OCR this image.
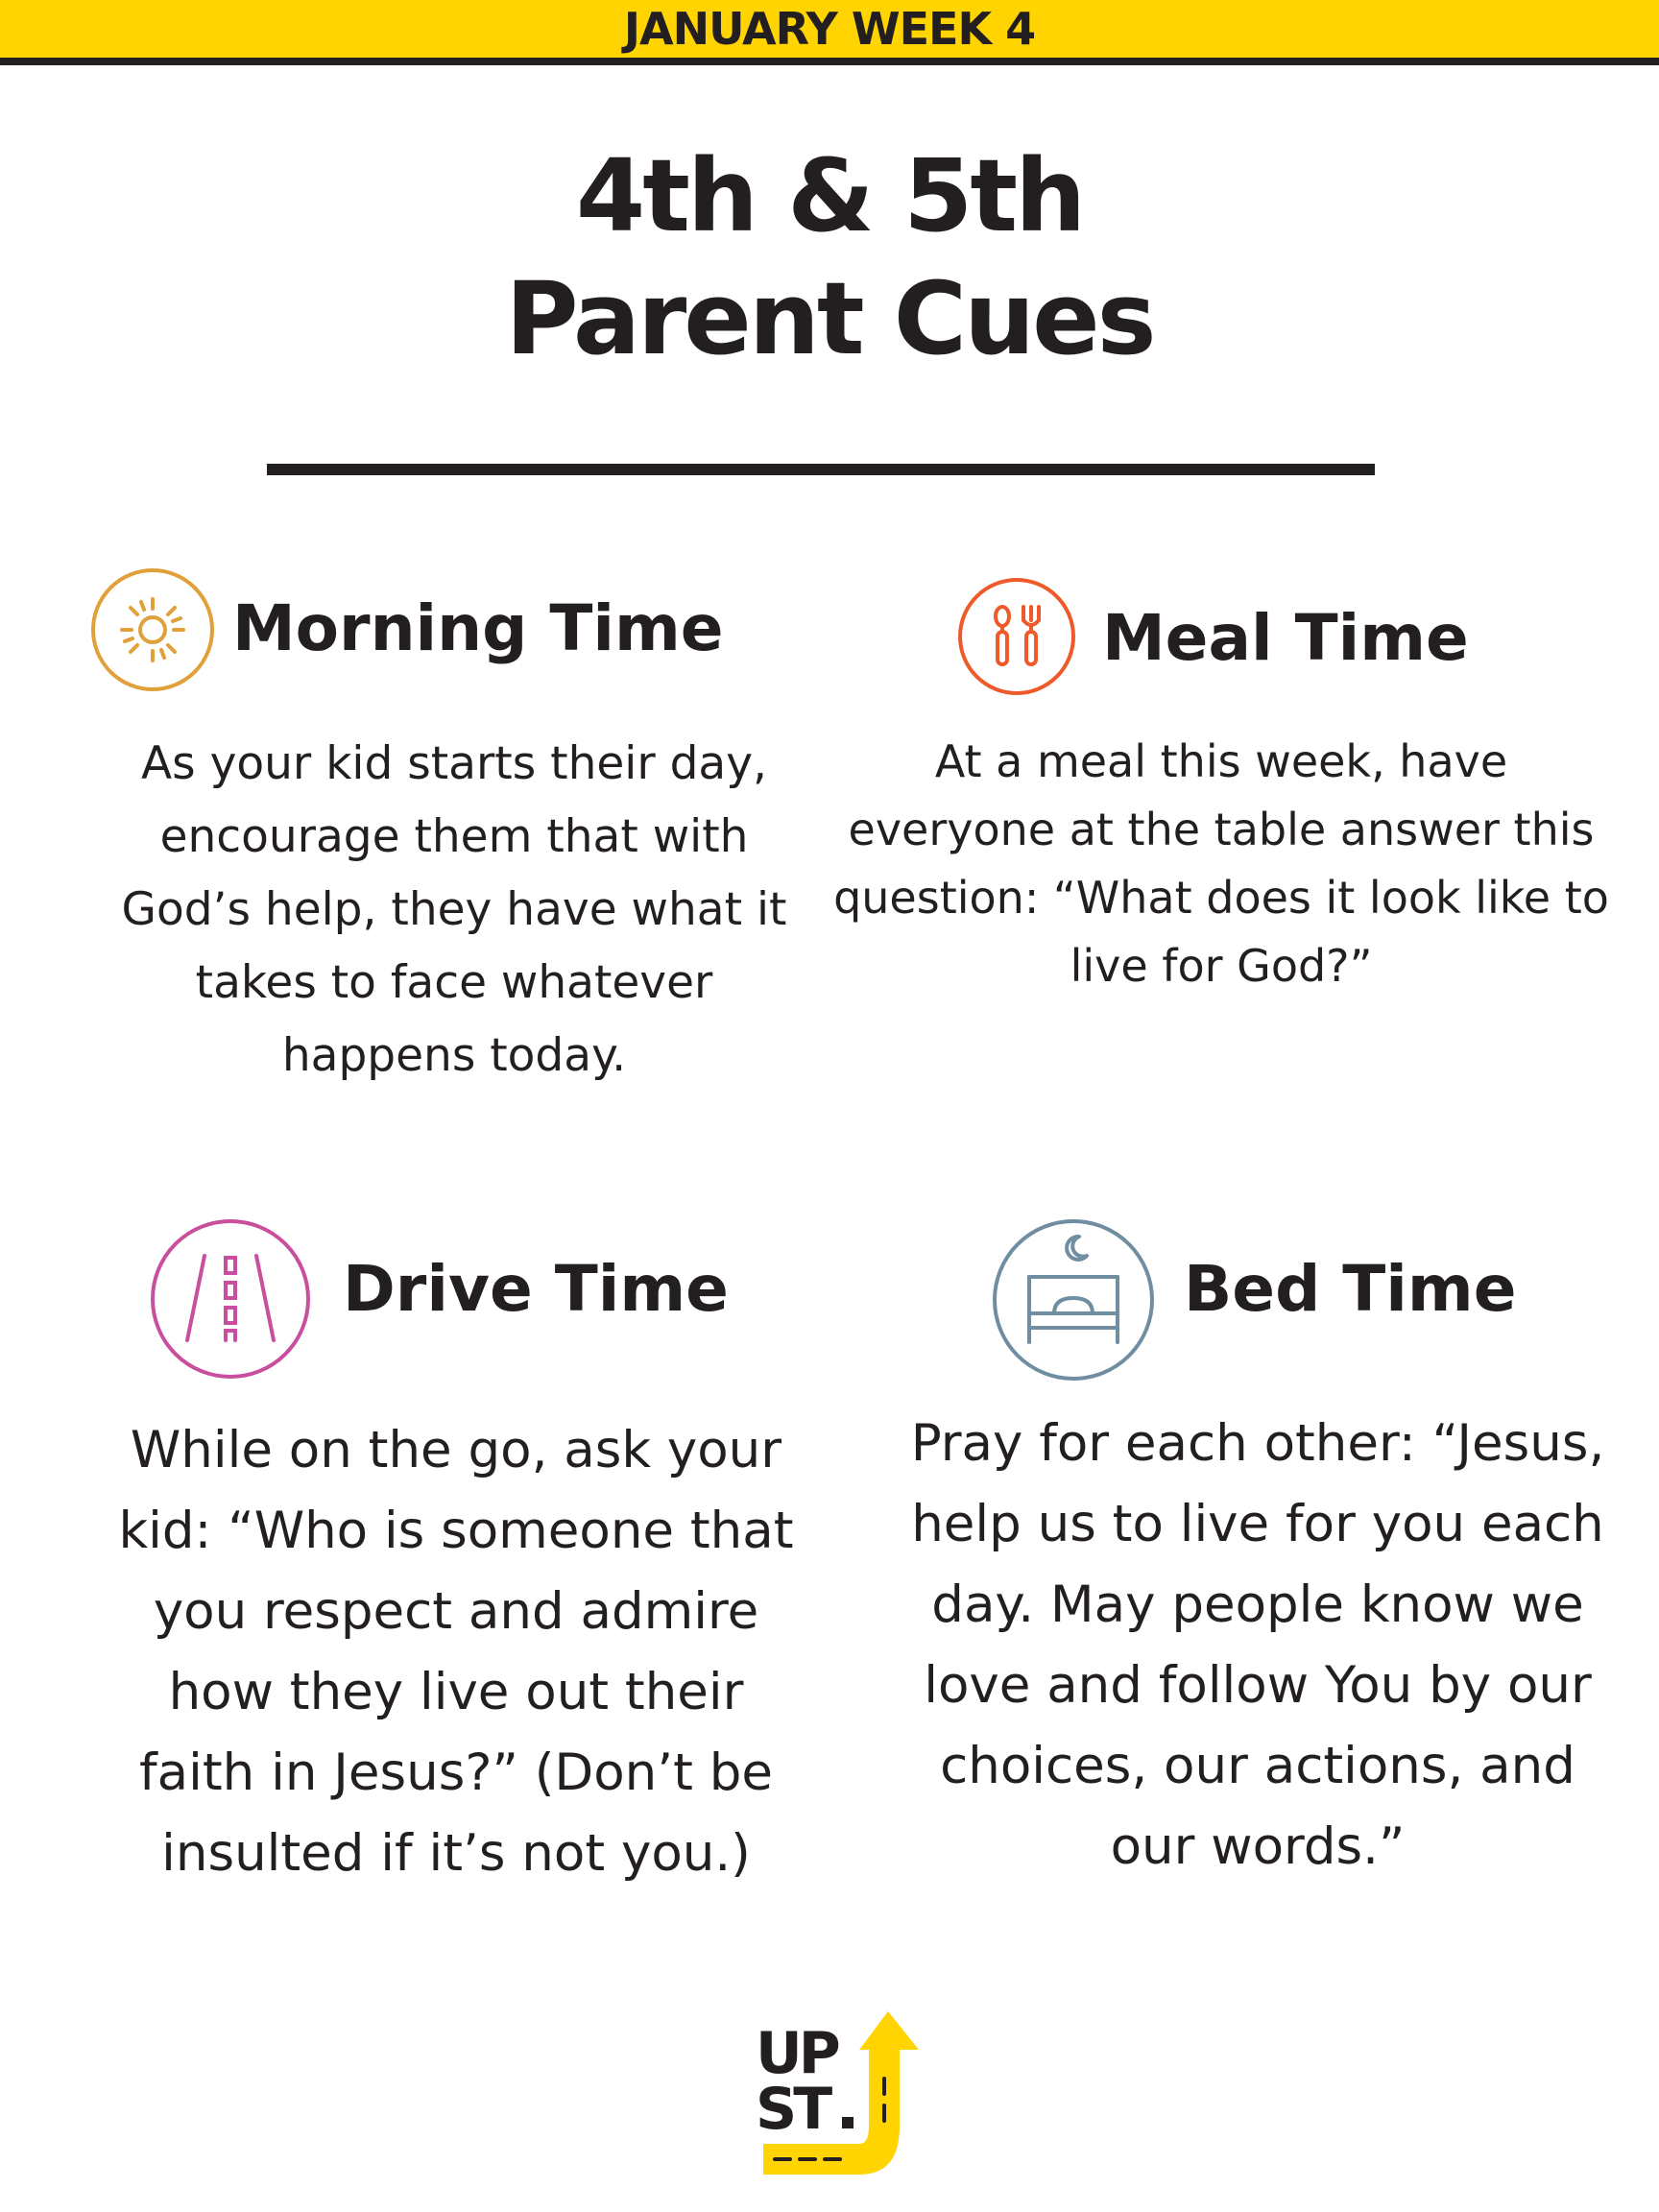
JANUARY WEEK 4
4th & 5th
Parent Cues
Morning Time

As your kid starts their day, encourage them that with God’s help, they have what it takes to face whatever happens today.

Meal Time

At a meal this week, have everyone at the table answer this question: “What does it look like to live for God?”

Drive Time

While on the go, ask your kid: “Who is someone that you respect and admire how they live out their faith in Jesus?” (Don’t be insulted if it’s not you.)

Bed Time

Pray for each other: “Jesus, help us to live for you each day. May people know we love and follow You by our choices, our actions, and our words.”

UP
ST
